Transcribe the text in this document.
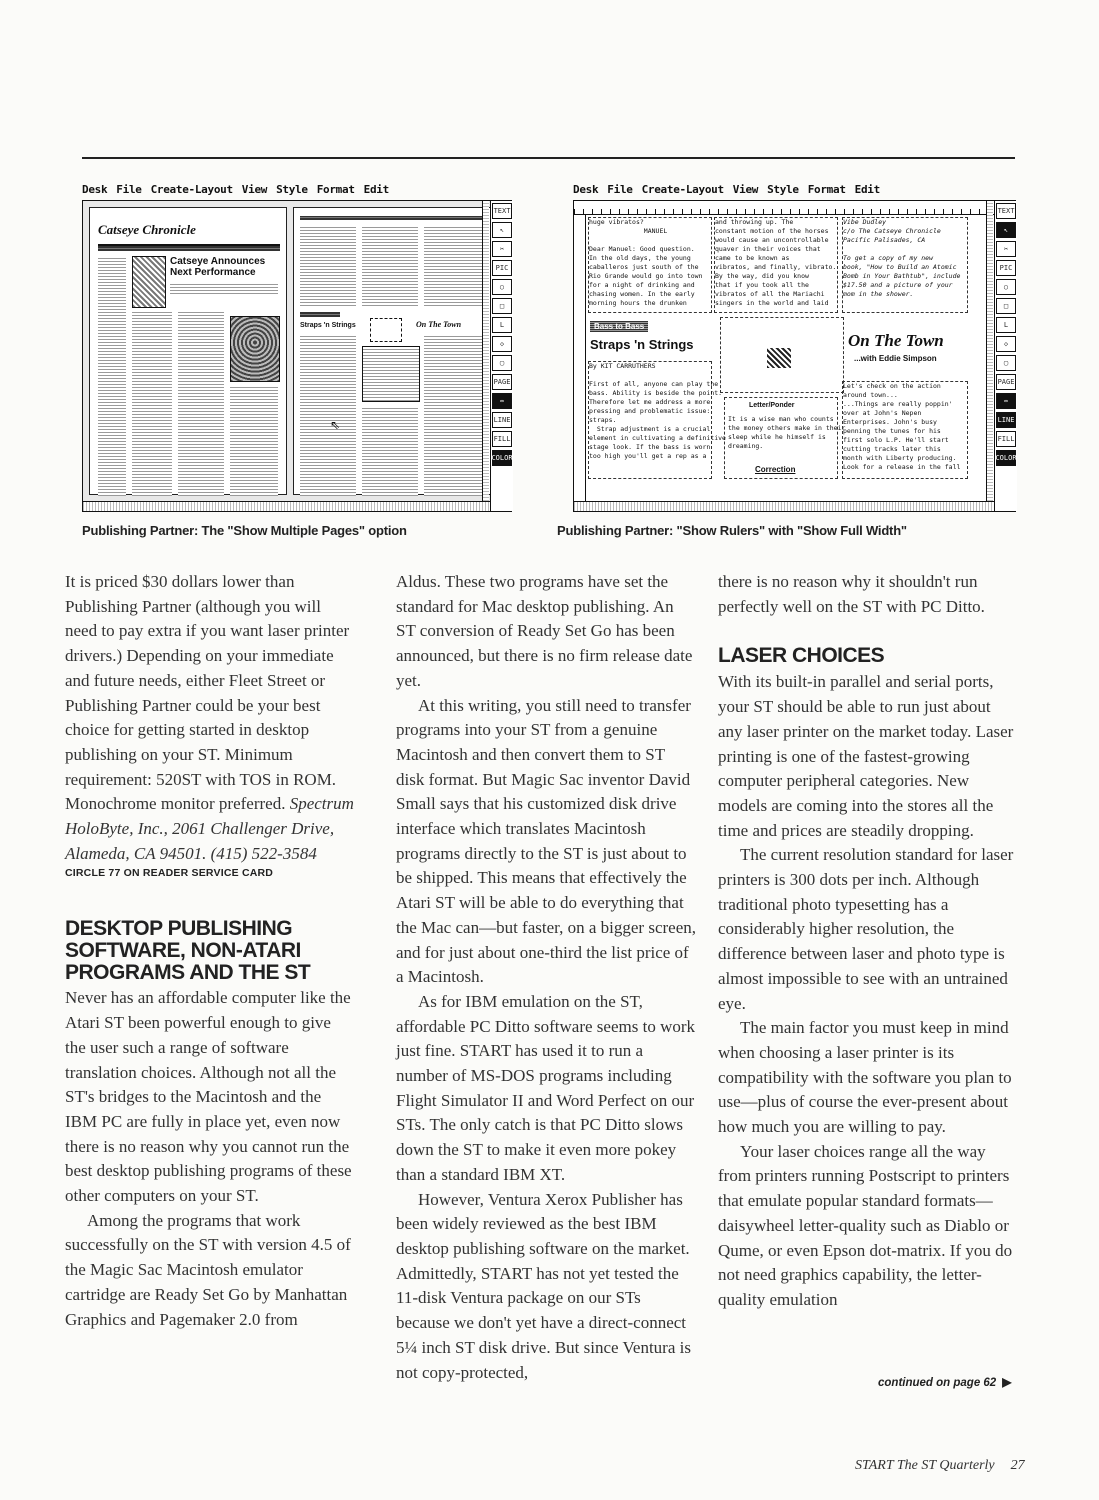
Desk File Create-Layout View Style Format Edit
Catseye Chronicle
Catseye Announces Next Performance
Straps 'n Strings	On The Town
⇖
TEXT
↖
✂
PIC
○
□
L
◇
▢
PAGE
⇔
LINE
FILL
COLOR
Desk File Create-Layout View Style Format Edit
huge vibratos?
MANUEL

Dear Manuel: Good question.
In the old days, the young
caballeros just south of the
Rio Grande would go into town
for a night of drinking and
chasing women. In the early
morning hours the drunken
and throwing up. The
constant motion of the horses
would cause an uncontrollable
quaver in their voices that
came to be known as
vibratos, and finally, vibrato.
By the way, did you know
that if you took all the
vibratos of all the Mariachi
singers in the world and laid
Vibe Dudley
c/o The Catseye Chronicle
Pacific Palisades, CA

To get a copy of my new
book, "How to Build an Atomic
Bomb in Your Bathtub", include
$17.50 and a picture of your
mom in the shower.
Bass to Bass
Straps 'n Strings	On The Town
...with Eddie Simpson
By KIT CARRUTHERS

First of all, anyone can play the
bass. Ability is beside the point.
Therefore let me address a more
pressing and problematic issue:
straps.
Strap adjustment is a crucial
element in cultivating a definitive
stage look. If the bass is worn
too high you'll get a rep as a
Letter/Ponder
It is a wise man who counts
the money others make in their
sleep while he himself is
dreaming.
Correction
Let's check on the action
around town...
...Things are really poppin'
over at John's Nepen
Enterprises. John's busy
penning the tunes for his
first solo L.P. He'll start
cutting tracks later this
month with Liberty producing.
Look for a release in the fall
TEXT
↖
✂
PIC
○
□
L
◇
▢
PAGE
⇔
LINE
FILL
COLOR
Publishing Partner: The "Show Multiple Pages" option	Publishing Partner: "Show Rulers" with "Show Full Width"

It is priced $30 dollars lower than Publishing Partner (although you will need to pay extra if you want laser printer drivers.) Depending on your immediate and future needs, either Fleet Street or Publishing Partner could be your best choice for getting started in desktop publishing on your ST. Minimum requirement: 520ST with TOS in ROM. Monochrome monitor preferred. Spectrum HoloByte, Inc., 2061 Challenger Drive, Alameda, CA 94501. (415) 522-3584

CIRCLE 77 ON READER SERVICE CARD

DESKTOP PUBLISHING SOFTWARE, NON-ATARI PROGRAMS AND THE ST

Never has an affordable computer like the Atari ST been powerful enough to give the user such a range of software translation choices. Although not all the ST's bridges to the Macintosh and the IBM PC are fully in place yet, even now there is no reason why you cannot run the best desktop publishing programs of these other computers on your ST.

Among the programs that work successfully on the ST with version 4.5 of the Magic Sac Macintosh emulator cartridge are Ready Set Go by Manhattan Graphics and Pagemaker 2.0 from

Aldus. These two programs have set the standard for Mac desktop publishing. An ST conversion of Ready Set Go has been announced, but there is no firm release date yet.

At this writing, you still need to transfer programs into your ST from a genuine Macintosh and then convert them to ST disk format. But Magic Sac inventor David Small says that his customized disk drive interface which translates Macintosh programs directly to the ST is just about to be shipped. This means that effectively the Atari ST will be able to do everything that the Mac can—but faster, on a bigger screen, and for just about one-third the list price of a Macintosh.

As for IBM emulation on the ST, affordable PC Ditto software seems to work just fine. START has used it to run a number of MS-DOS programs including Flight Simulator II and Word Perfect on our STs. The only catch is that PC Ditto slows down the ST to make it even more pokey than a standard IBM XT.

However, Ventura Xerox Publisher has been widely reviewed as the best IBM desktop publishing software on the market. Admittedly, START has not yet tested the 11-disk Ventura package on our STs because we don't yet have a direct-connect 5¼ inch ST disk drive. But since Ventura is not copy-protected,

there is no reason why it shouldn't run perfectly well on the ST with PC Ditto.

LASER CHOICES

With its built-in parallel and serial ports, your ST should be able to run just about any laser printer on the market today. Laser printing is one of the fastest-growing computer peripheral categories. New models are coming into the stores all the time and prices are steadily dropping.

The current resolution standard for laser printers is 300 dots per inch. Although traditional photo typesetting has a considerably higher resolution, the difference between laser and photo type is almost impossible to see with an untrained eye.

The main factor you must keep in mind when choosing a laser printer is its compatibility with the software you plan to use—plus of course the ever-present about how much you are willing to pay.

Your laser choices range all the way from printers running Postscript to printers that emulate popular standard formats—daisywheel letter-quality such as Diablo or Qume, or even Epson dot-matrix. If you do not need graphics capability, the letter-quality emulation

continued on page 62 ▶
START The ST Quarterly 27
